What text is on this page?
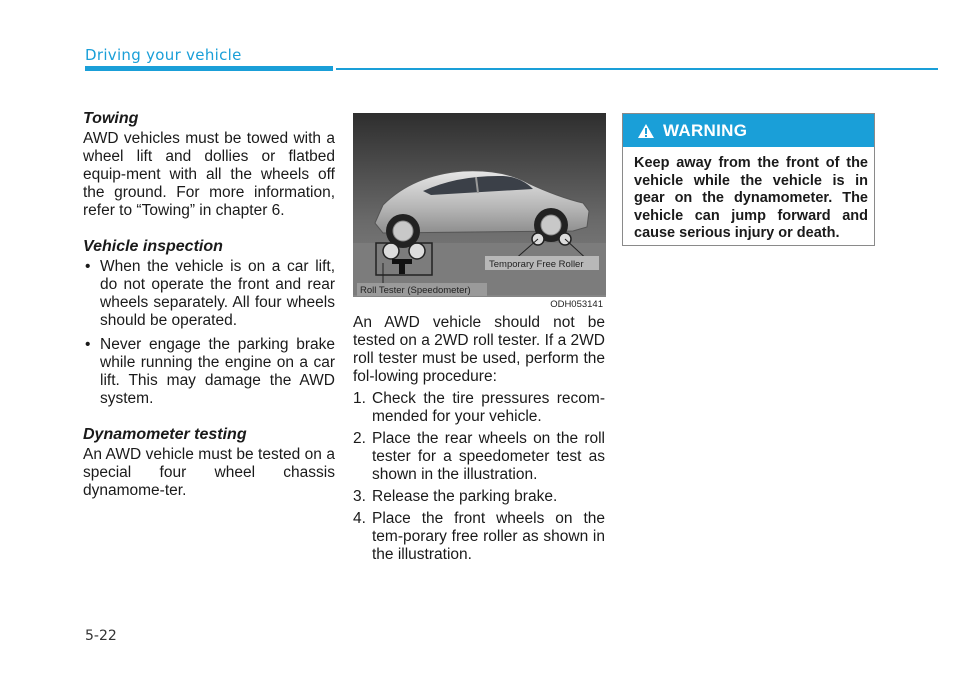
Driving your vehicle
Towing

AWD vehicles must be towed with a wheel lift and dollies or flatbed equip-ment with all the wheels off the ground. For more information, refer to “Towing” in chapter 6.

Vehicle inspection
• When the vehicle is on a car lift, do not operate the front and rear wheels separately. All four wheels should be operated.
• Never engage the parking brake while running the engine on a car lift. This may damage the AWD system.
Dynamometer testing

An AWD vehicle must be tested on a special four wheel chassis dynamome-ter.

Temporary Free Roller
Roll Tester (Speedometer)
ODH053141

An AWD vehicle should not be tested on a 2WD roll tester. If a 2WD roll tester must be used, perform the fol-lowing procedure:

1. Check the tire pressures recom-mended for your vehicle.
2. Place the rear wheels on the roll tester for a speedometer test as shown in the illustration.
3. Release the parking brake.
4. Place the front wheels on the tem-porary free roller as shown in the illustration.
WARNING
Keep away from the front of the vehicle while the vehicle is in gear on the dynamometer. The vehicle can jump forward and cause serious injury or death.
5-22
